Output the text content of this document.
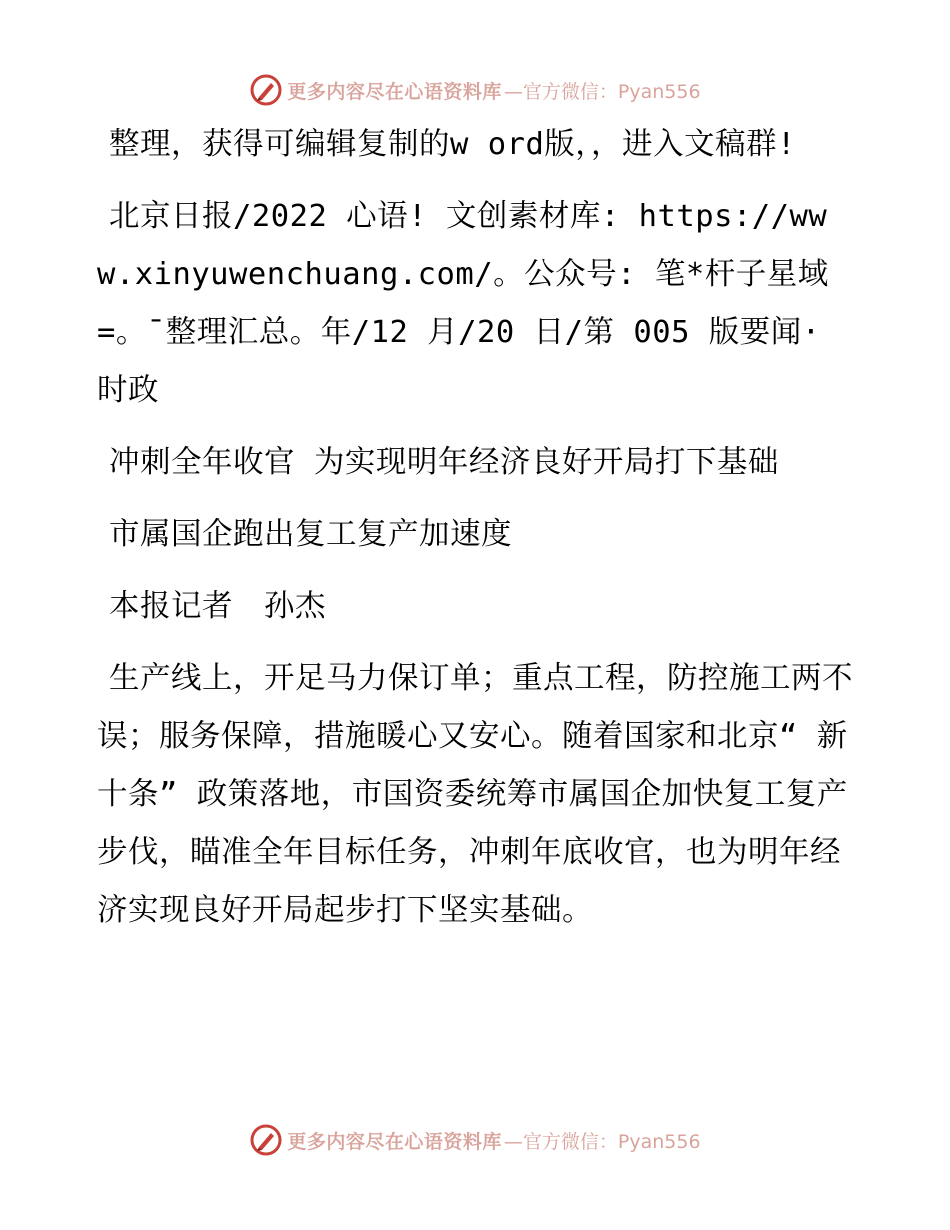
更多内容尽在心语资料库 —官方微信：Pyan556

整理，获得可编辑复制的w ord版，，进入文稿群!

北京日报/2022 心语! 文创素材库: https://www.xinyuwenchuang.com/。公众号: 笔*杆子星域=。¯整理汇总。年/12 月/20 日/第 005 版要闻· 时政

冲刺全年收官 为实现明年经济良好开局打下基础

市属国企跑出复工复产加速度

本报记者　孙杰

生产线上，开足马力保订单；重点工程，防控施工两不误；服务保障，措施暖心又安心。随着国家和北京“ 新十条” 政策落地，市国资委统筹市属国企加快复工复产步伐，瞄准全年目标任务，冲刺年底收官，也为明年经济实现良好开局起步打下坚实基础。

更多内容尽在心语资料库 —官方微信：Pyan556
